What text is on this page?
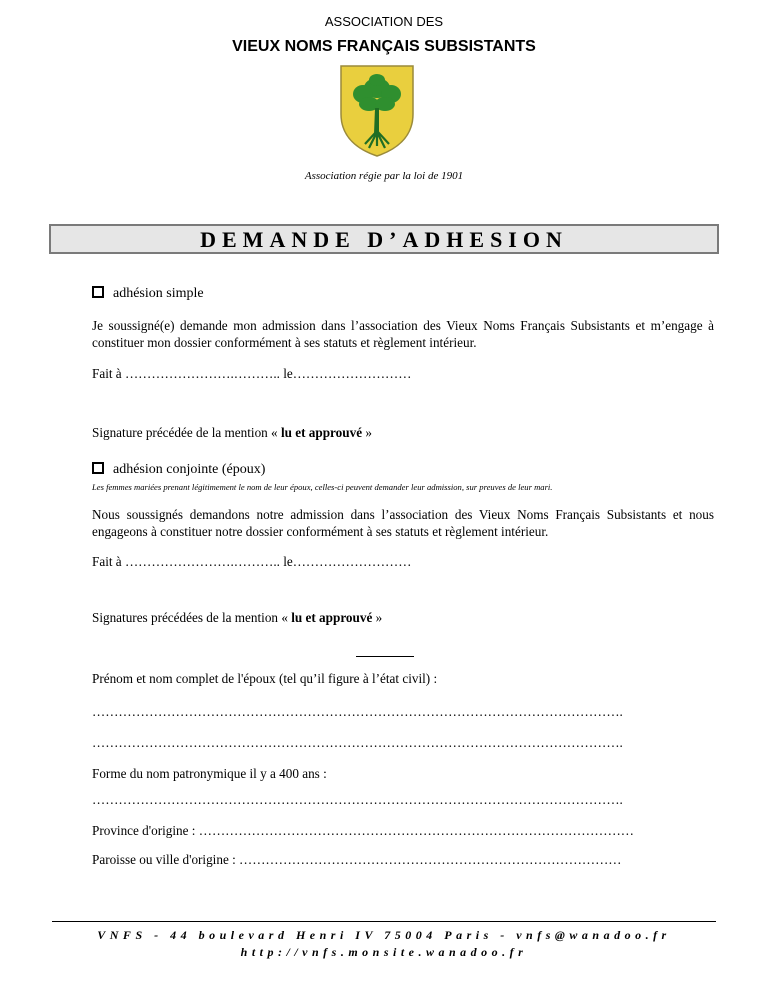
ASSOCIATION DES
VIEUX NOMS FRANÇAIS SUBSISTANTS
Association régie par la loi de 1901
DEMANDE D’ADHESION
adhésion simple
Je soussigné(e) demande mon admission dans l’association des Vieux Noms Français Subsistants et m’engage à constituer mon dossier conformément à ses statuts et règlement intérieur.
Fait à …………………….……….. le………………………
Signature précédée de la mention « lu et approuvé »
adhésion conjointe (époux)
Les femmes mariées prenant légitimement le nom de leur époux, celles-ci peuvent demander leur admission, sur preuves de leur mari.
Nous soussignés demandons notre admission dans l’association des Vieux Noms Français Subsistants et nous engageons à constituer notre dossier conformément à ses statuts et règlement intérieur.
Fait à …………………….……….. le………………………
Signatures précédées de la mention « lu et approuvé »
Prénom et nom complet de l'époux (tel qu’il figure à l’état civil) :
………………………………………………………………………………………………………….
………………………………………………………………………………………………………….
Forme du nom patronymique il y a 400 ans :
………………………………………………………………………………………………………….
Province d'origine : ………………………………………………………………………………………
Paroisse ou ville d'origine : ……………………………………………………………………………
VNFS - 44 boulevard Henri IV 75004 Paris - vnfs@wanadoo.fr
http://vnfs.monsite.wanadoo.fr
